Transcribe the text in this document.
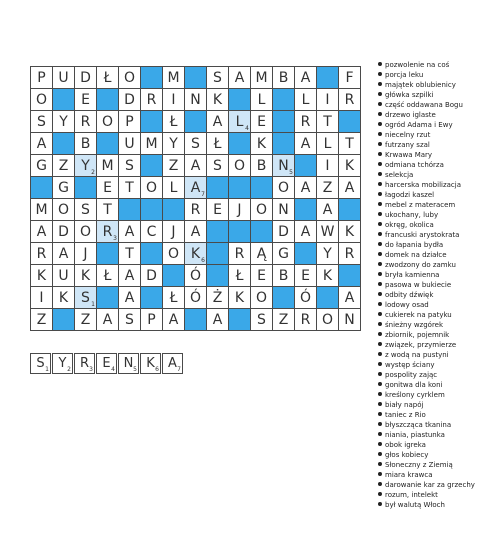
P U D Ł O	M	S A M B A	F
O	E	D R	I	N K	L	L	I	R
S Y R O P	Ł	A L 4 E	R T
A	B	U M Y S Ł	K	A L T
G Z Y 2 M S	Z A S O B N 5	I	K
G	E T O L A 7	O A Z A
M O S T	R E	J	O N	A
A D O R 3 A C	J	A	D A W K
R A	J	T	O K 6	R Ą G	Y R
K U K Ł A D	Ó	Ł E B E K
I	K S 1	A	Ł Ó Ż K O	Ó	A
Z	Z A S P A	A	S Z R O N
S 1 Y 2 R 3 E 4 N 5 K 6 A 7
pozwolenie na coś
porcja leku
majątek oblubienicy
główka szpilki
część oddawana Bogu
drzewo iglaste
ogród Adama i Ewy
niecelny rzut
futrzany szal
Krwawa Mary
odmiana tchórza
selekcja
harcerska mobilizacja
łagodzi kaszel
mebel z materacem
ukochany, luby
okręg, okolica
francuski arystokrata
do łapania bydła
domek na działce
zwodzony do zamku
bryła kamienna
pasowa w bukiecie
odbity dźwięk
lodowy osad
cukierek na patyku
śnieżny wzgórek
zbiornik, pojemnik
związek, przymierze
z wodą na pustyni
występ ściany
pospolity zając
gonitwa dla koni
kreślony cyrklem
biały napój
taniec z Rio
błyszcząca tkanina
niania, piastunka
obok igreka
głos kobiecy
Słoneczny z Ziemią
miara krawca
darowanie kar za grzechy
rozum, intelekt
był walutą Włoch
